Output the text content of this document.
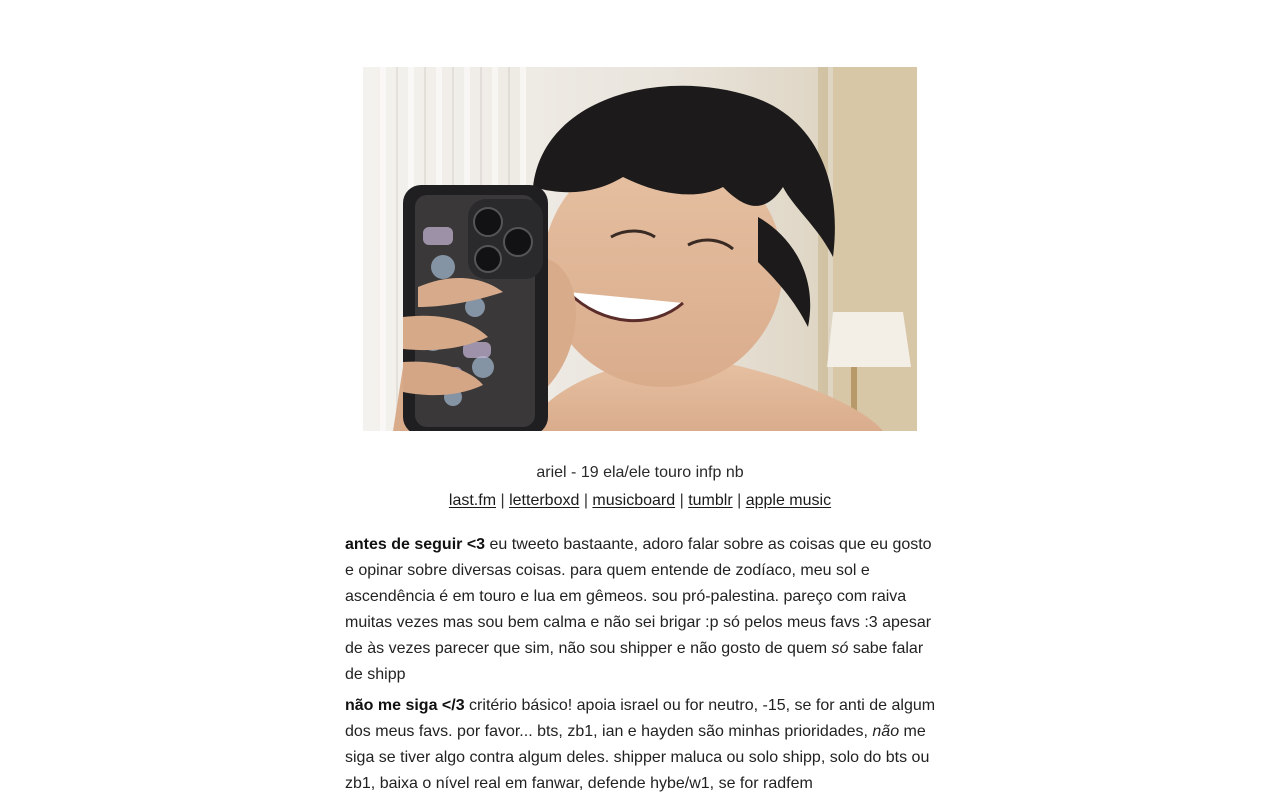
ariel - 19 ela/ele touro infp nb
last.fm | letterboxd | musicboard | tumblr | apple music
antes de seguir <3 eu tweeto bastaante, adoro falar sobre as coisas que eu gosto e opinar sobre diversas coisas. para quem entende de zodíaco, meu sol e ascendência é em touro e lua em gêmeos. sou pró-palestina. pareço com raiva muitas vezes mas sou bem calma e não sei brigar :p só pelos meus favs :3 apesar de às vezes parecer que sim, não sou shipper e não gosto de quem só sabe falar de shipp
não me siga </3 critério básico! apoia israel ou for neutro, -15, se for anti de algum dos meus favs. por favor... bts, zb1, ian e hayden são minhas prioridades, não me siga se tiver algo contra algum deles. shipper maluca ou solo shipp, solo do bts ou zb1, baixa o nível real em fanwar, defende hybe/w1, se for radfem
